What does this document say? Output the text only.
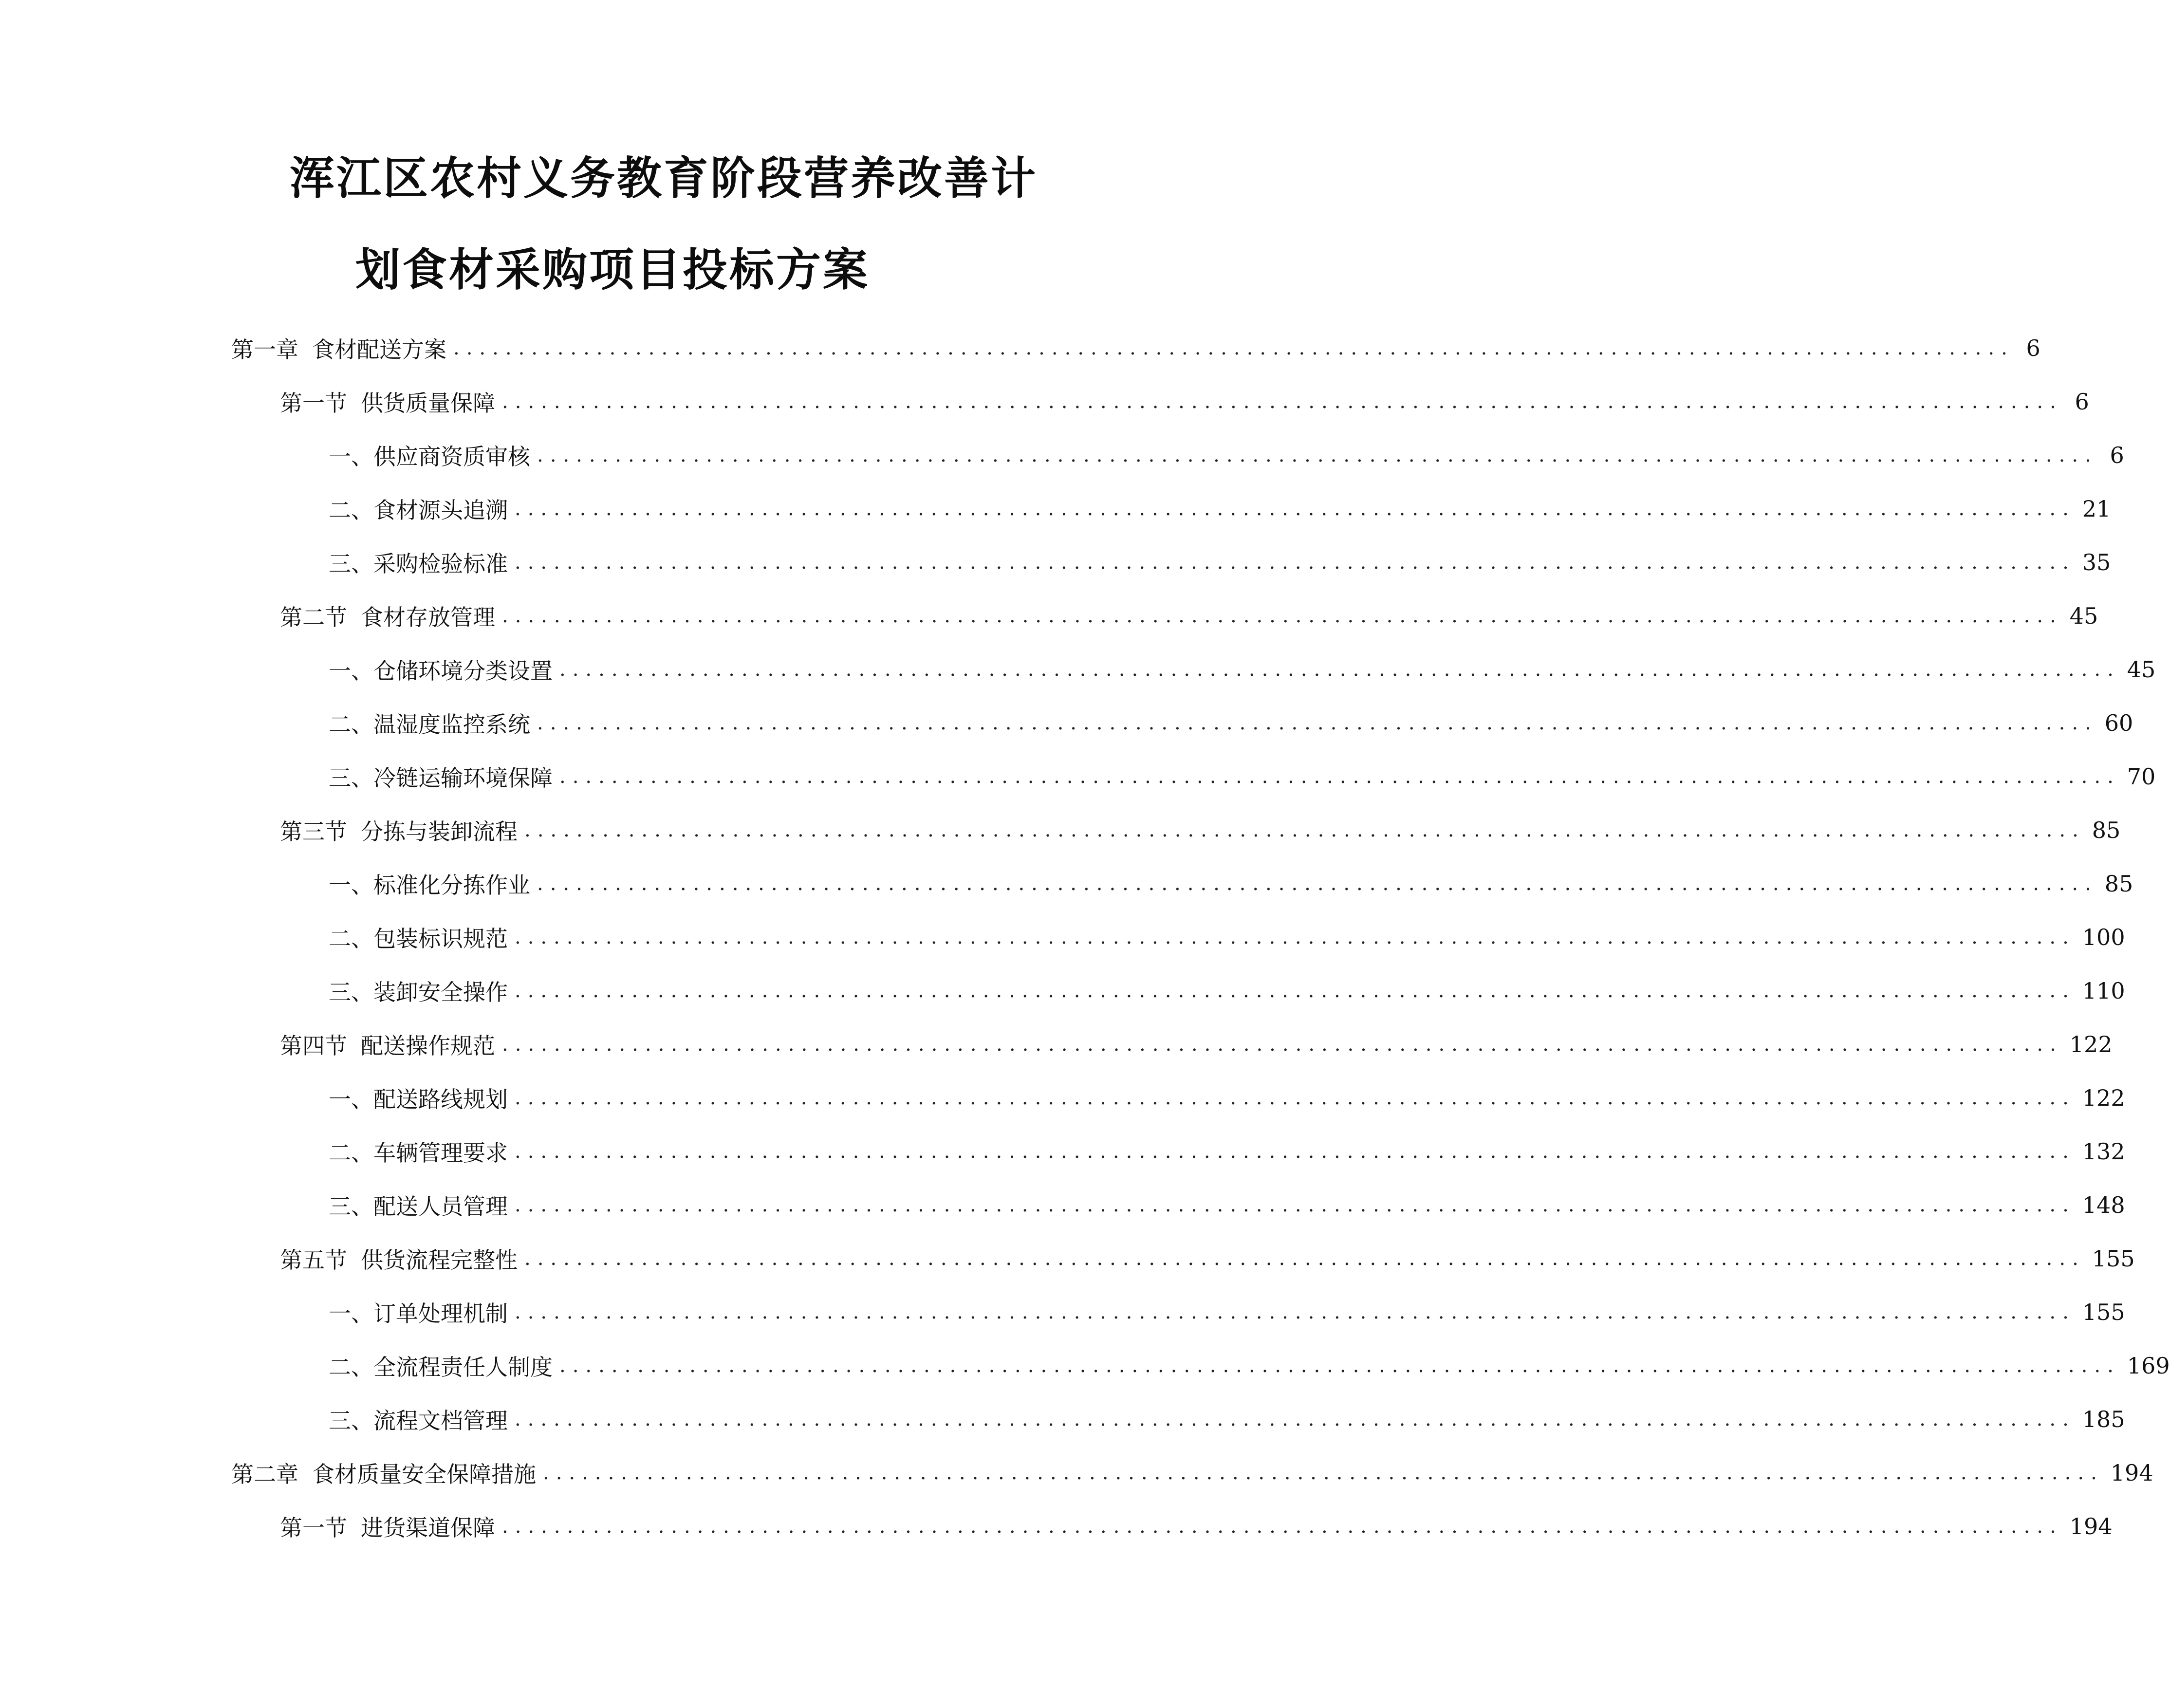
浑江区农村义务教育阶段营养改善计
划食材采购项目投标方案
第一章 食材配送方案 ........................................................................................................................ 6
第一节 供货质量保障 ........................................................................................................................ 6
一、 供应商资质审核 ........................................................................................................................ 6
二、 食材源头追溯 ........................................................................................................................ 21
三、 采购检验标准 ........................................................................................................................ 35
第二节 食材存放管理 ........................................................................................................................ 45
一、 仓储环境分类设置 ........................................................................................................................ 45
二、 温湿度监控系统 ........................................................................................................................ 60
三、 冷链运输环境保障 ........................................................................................................................ 70
第三节 分拣与装卸流程 ........................................................................................................................ 85
一、 标准化分拣作业 ........................................................................................................................ 85
二、 包装标识规范 ........................................................................................................................ 100
三、 装卸安全操作 ........................................................................................................................ 110
第四节 配送操作规范 ........................................................................................................................ 122
一、 配送路线规划 ........................................................................................................................ 122
二、 车辆管理要求 ........................................................................................................................ 132
三、 配送人员管理 ........................................................................................................................ 148
第五节 供货流程完整性 ........................................................................................................................ 155
一、 订单处理机制 ........................................................................................................................ 155
二、 全流程责任人制度 ........................................................................................................................ 169
三、 流程文档管理 ........................................................................................................................ 185
第二章 食材质量安全保障措施 ........................................................................................................................ 194
第一节 进货渠道保障 ........................................................................................................................ 194
